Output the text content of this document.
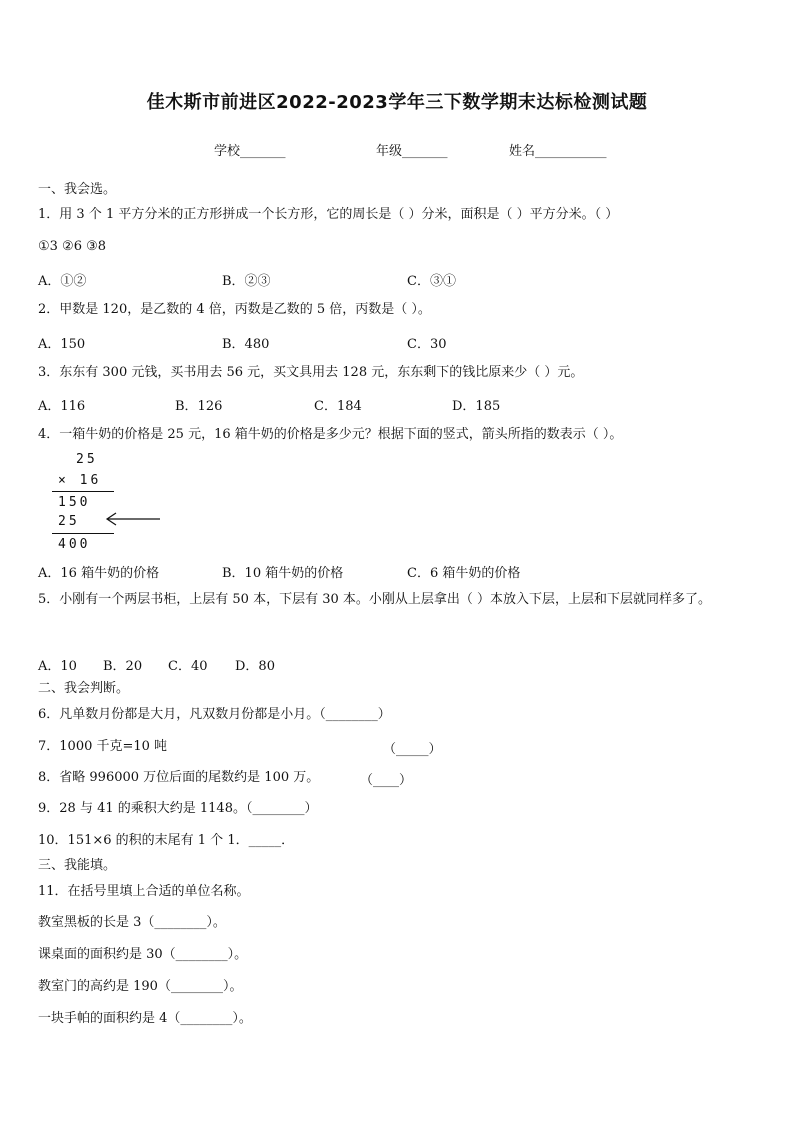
佳木斯市前进区2022-2023学年三下数学期末达标检测试题
学校_______	年级_______	姓名___________
一、我会选。
1．用 3 个 1 平方分米的正方形拼成一个长方形，它的周长是（ ）分米，面积是（ ）平方分米。（ ）
①3 ②6 ③8
A．①②	B．②③	C．③①
2．甲数是 120，是乙数的 4 倍，丙数是乙数的 5 倍，丙数是（ ）。
A．150	B．480	C．30
3．东东有 300 元钱，买书用去 56 元，买文具用去 128 元，东东剩下的钱比原来少（ ）元。
A．116	B．126	C．184	D．185
4．一箱牛奶的价格是 25 元，16 箱牛奶的价格是多少元？根据下面的竖式，箭头所指的数表示（ ）。
25
× 16
150
25
400
A．16 箱牛奶的价格	B．10 箱牛奶的价格	C．6 箱牛奶的价格
5．小刚有一个两层书柜，上层有 50 本，下层有 30 本。小刚从上层拿出（ ）本放入下层，上层和下层就同样多了。
A．10 B．20 C．40 D．80
二、我会判断。
6．凡单数月份都是大月，凡双数月份都是小月。（________）
7．1000 千克=10 吨	（_____）
8．省略 996000 万位后面的尾数约是 100 万。	（____）
9．28 与 41 的乘积大约是 1148。（________）
10．151×6 的积的末尾有 1 个 1．_____．
三、我能填。
11．在括号里填上合适的单位名称。
教室黑板的长是 3（________）。
课桌面的面积约是 30（________）。
教室门的高约是 190（________）。
一块手帕的面积约是 4（________）。
